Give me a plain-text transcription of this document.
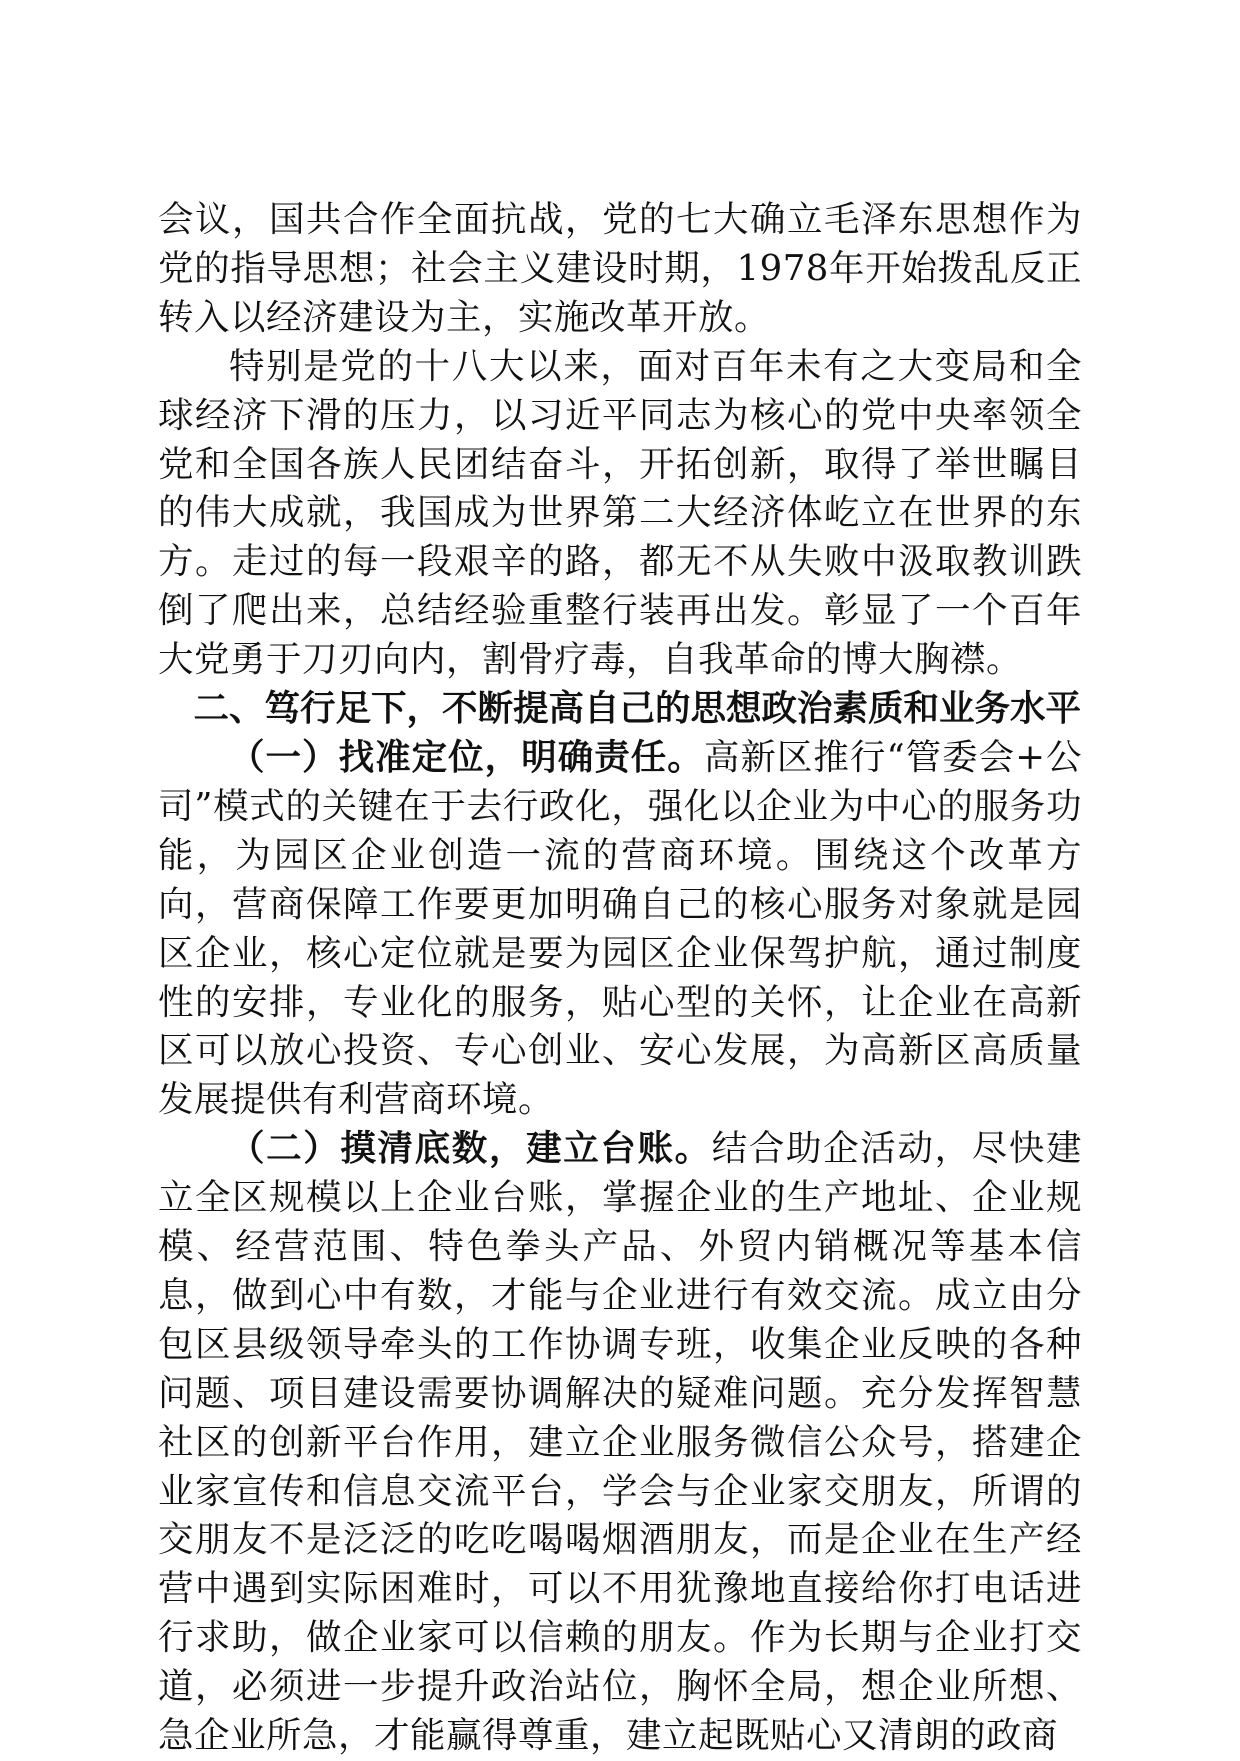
会议，国共合作全面抗战，党的七大确立毛泽东思想作为党的指导思想；社会主义建设时期，1978年开始拨乱反正转入以经济建设为主，实施改革开放。

特别是党的十八大以来，面对百年未有之大变局和全球经济下滑的压力，以习近平同志为核心的党中央率领全党和全国各族人民团结奋斗，开拓创新，取得了举世瞩目的伟大成就，我国成为世界第二大经济体屹立在世界的东方。走过的每一段艰辛的路，都无不从失败中汲取教训跌倒了爬出来，总结经验重整行装再出发。彰显了一个百年大党勇于刀刃向内，割骨疗毒，自我革命的博大胸襟。

二、笃行足下，不断提高自己的思想政治素质和业务水平

（一）找准定位，明确责任。高新区推行“管委会+公司”模式的关键在于去行政化，强化以企业为中心的服务功能，为园区企业创造一流的营商环境。围绕这个改革方向，营商保障工作要更加明确自己的核心服务对象就是园区企业，核心定位就是要为园区企业保驾护航，通过制度性的安排，专业化的服务，贴心型的关怀，让企业在高新区可以放心投资、专心创业、安心发展，为高新区高质量发展提供有利营商环境。

（二）摸清底数，建立台账。结合助企活动，尽快建立全区规模以上企业台账，掌握企业的生产地址、企业规模、经营范围、特色拳头产品、外贸内销概况等基本信息，做到心中有数，才能与企业进行有效交流。成立由分包区县级领导牵头的工作协调专班，收集企业反映的各种问题、项目建设需要协调解决的疑难问题。充分发挥智慧社区的创新平台作用，建立企业服务微信公众号，搭建企业家宣传和信息交流平台，学会与企业家交朋友，所谓的交朋友不是泛泛的吃吃喝喝烟酒朋友，而是企业在生产经营中遇到实际困难时，可以不用犹豫地直接给你打电话进行求助，做企业家可以信赖的朋友。作为长期与企业打交道，必须进一步提升政治站位，胸怀全局，想企业所想、急企业所急，才能赢得尊重，建立起既贴心又清朗的政商
